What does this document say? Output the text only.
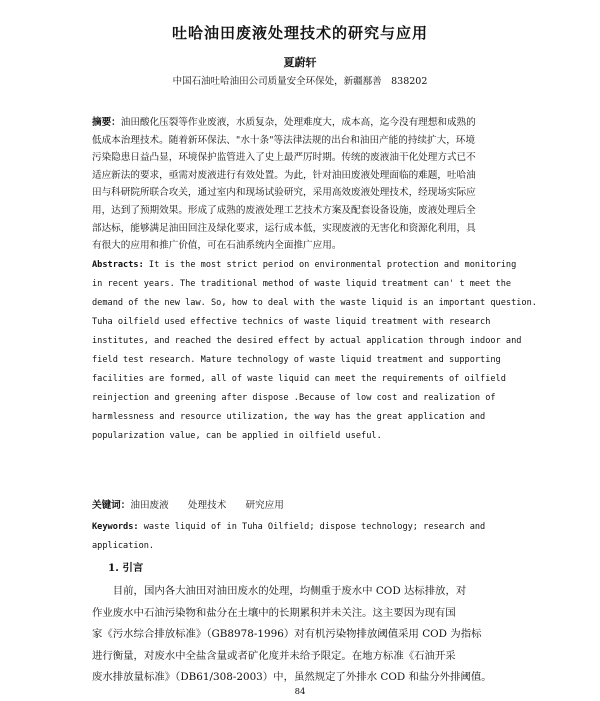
吐哈油田废液处理技术的研究与应用
夏蔚轩
中国石油吐哈油田公司质量安全环保处，新疆鄯善　838202
摘要：油田酸化压裂等作业废液，水质复杂，处理难度大，成本高，迄今没有理想和成熟的
低成本治理技术。随着新环保法、"水十条"等法律法规的出台和油田产能的持续扩大，环境
污染隐患日益凸显，环境保护监管进入了史上最严厉时期。传统的废液油干化处理方式已不
适应新法的要求，亟需对废液进行有效处置。为此，针对油田废液处理面临的难题，吐哈油
田与科研院所联合攻关，通过室内和现场试验研究，采用高效废液处理技术，经现场实际应
用，达到了预期效果。形成了成熟的废液处理工艺技术方案及配套设备设施，废液处理后全
部达标，能够满足油田回注及绿化要求，运行成本低，实现废液的无害化和资源化利用，具
有很大的应用和推广价值，可在石油系统内全面推广应用。
Abstracts: It is the most strict period on environmental protection and monitoring
in recent years. The traditional method of waste liquid treatment can' t meet the
demand of the new law. So, how to deal with the waste liquid is an important question.
Tuha oilfield used effective technics of waste liquid treatment with research
institutes, and reached the desired effect by actual application through indoor and
field test research. Mature technology of waste liquid treatment and supporting
facilities are formed, all of waste liquid can meet the requirements of oilfield
reinjection and greening after dispose .Because of low cost and realization of
harmlessness and resource utilization, the way has the great application and
popularization value, can be applied in oilfield useful.
关键词：油田废液　　处理技术　　研究应用
Keywords: waste liquid of in Tuha Oilfield; dispose technology; research and
application.
1. 引言
　　目前，国内各大油田对油田废水的处理，均侧重于废水中 COD 达标排放，对
作业废水中石油污染物和盐分在土壤中的长期累积并未关注。这主要因为现有国
家《污水综合排放标准》（GB8978-1996）对有机污染物排放阈值采用 COD 为指标
进行衡量，对废水中全盐含量或者矿化度并未给予限定。在地方标准《石油开采
废水排放量标准》（DB61/308-2003）中，虽然规定了外排水 COD 和盐分外排阈值。
84
